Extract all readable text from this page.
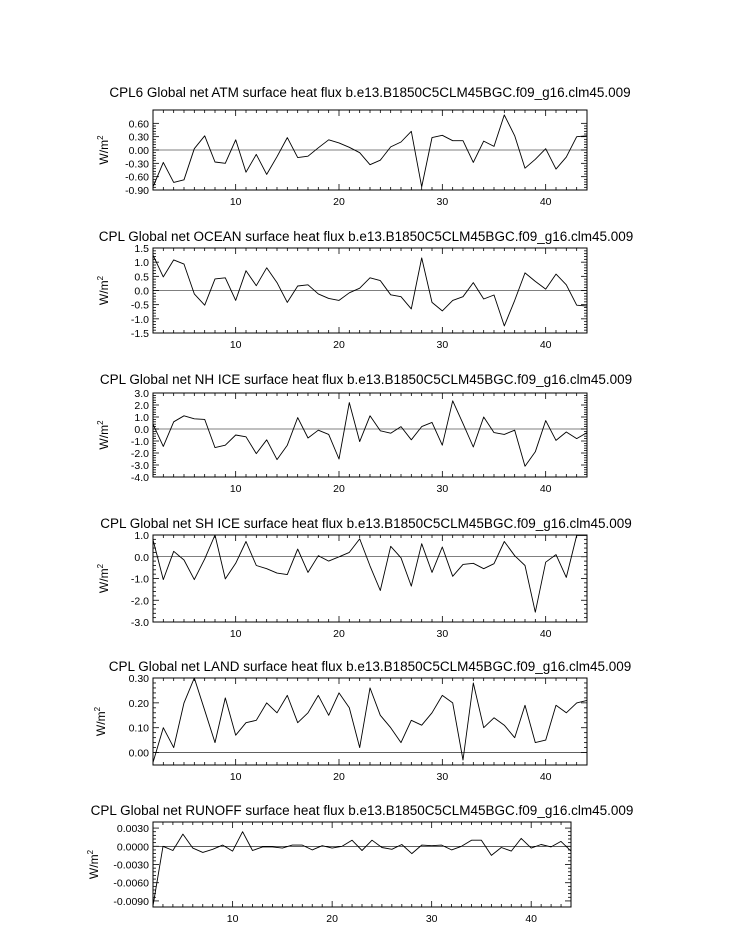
CPL6 Global net ATM surface heat flux b.e13.B1850C5CLM45BGC.f09_g16.clm45.009
10	20	30	40
0.60
0.30
0.00
-0.30
-0.60
-0.90
$W/m^2$
CPL Global net OCEAN surface heat flux b.e13.B1850C5CLM45BGC.f09_g16.clm45.009
10	20	30	40
1.5
1.0
0.5
0.0
-0.5
-1.0
-1.5
$W/m^2$
CPL Global net NH ICE surface heat flux b.e13.B1850C5CLM45BGC.f09_g16.clm45.009
10	20	30	40
3.0
2.0
1.0
0.0
-1.0
-2.0
-3.0
-4.0
$W/m^2$
CPL Global net SH ICE surface heat flux b.e13.B1850C5CLM45BGC.f09_g16.clm45.009
10	20	30	40
1.0
0.0
-1.0
-2.0
-3.0
$W/m^2$
CPL Global net LAND surface heat flux b.e13.B1850C5CLM45BGC.f09_g16.clm45.009
10	20	30	40
0.30
0.20
0.10
0.00
$W/m^2$
CPL Global net RUNOFF surface heat flux b.e13.B1850C5CLM45BGC.f09_g16.clm45.009
10	20	30	40
0.0030
0.0000
-0.0030
-0.0060
-0.0090
$W/m^2$
